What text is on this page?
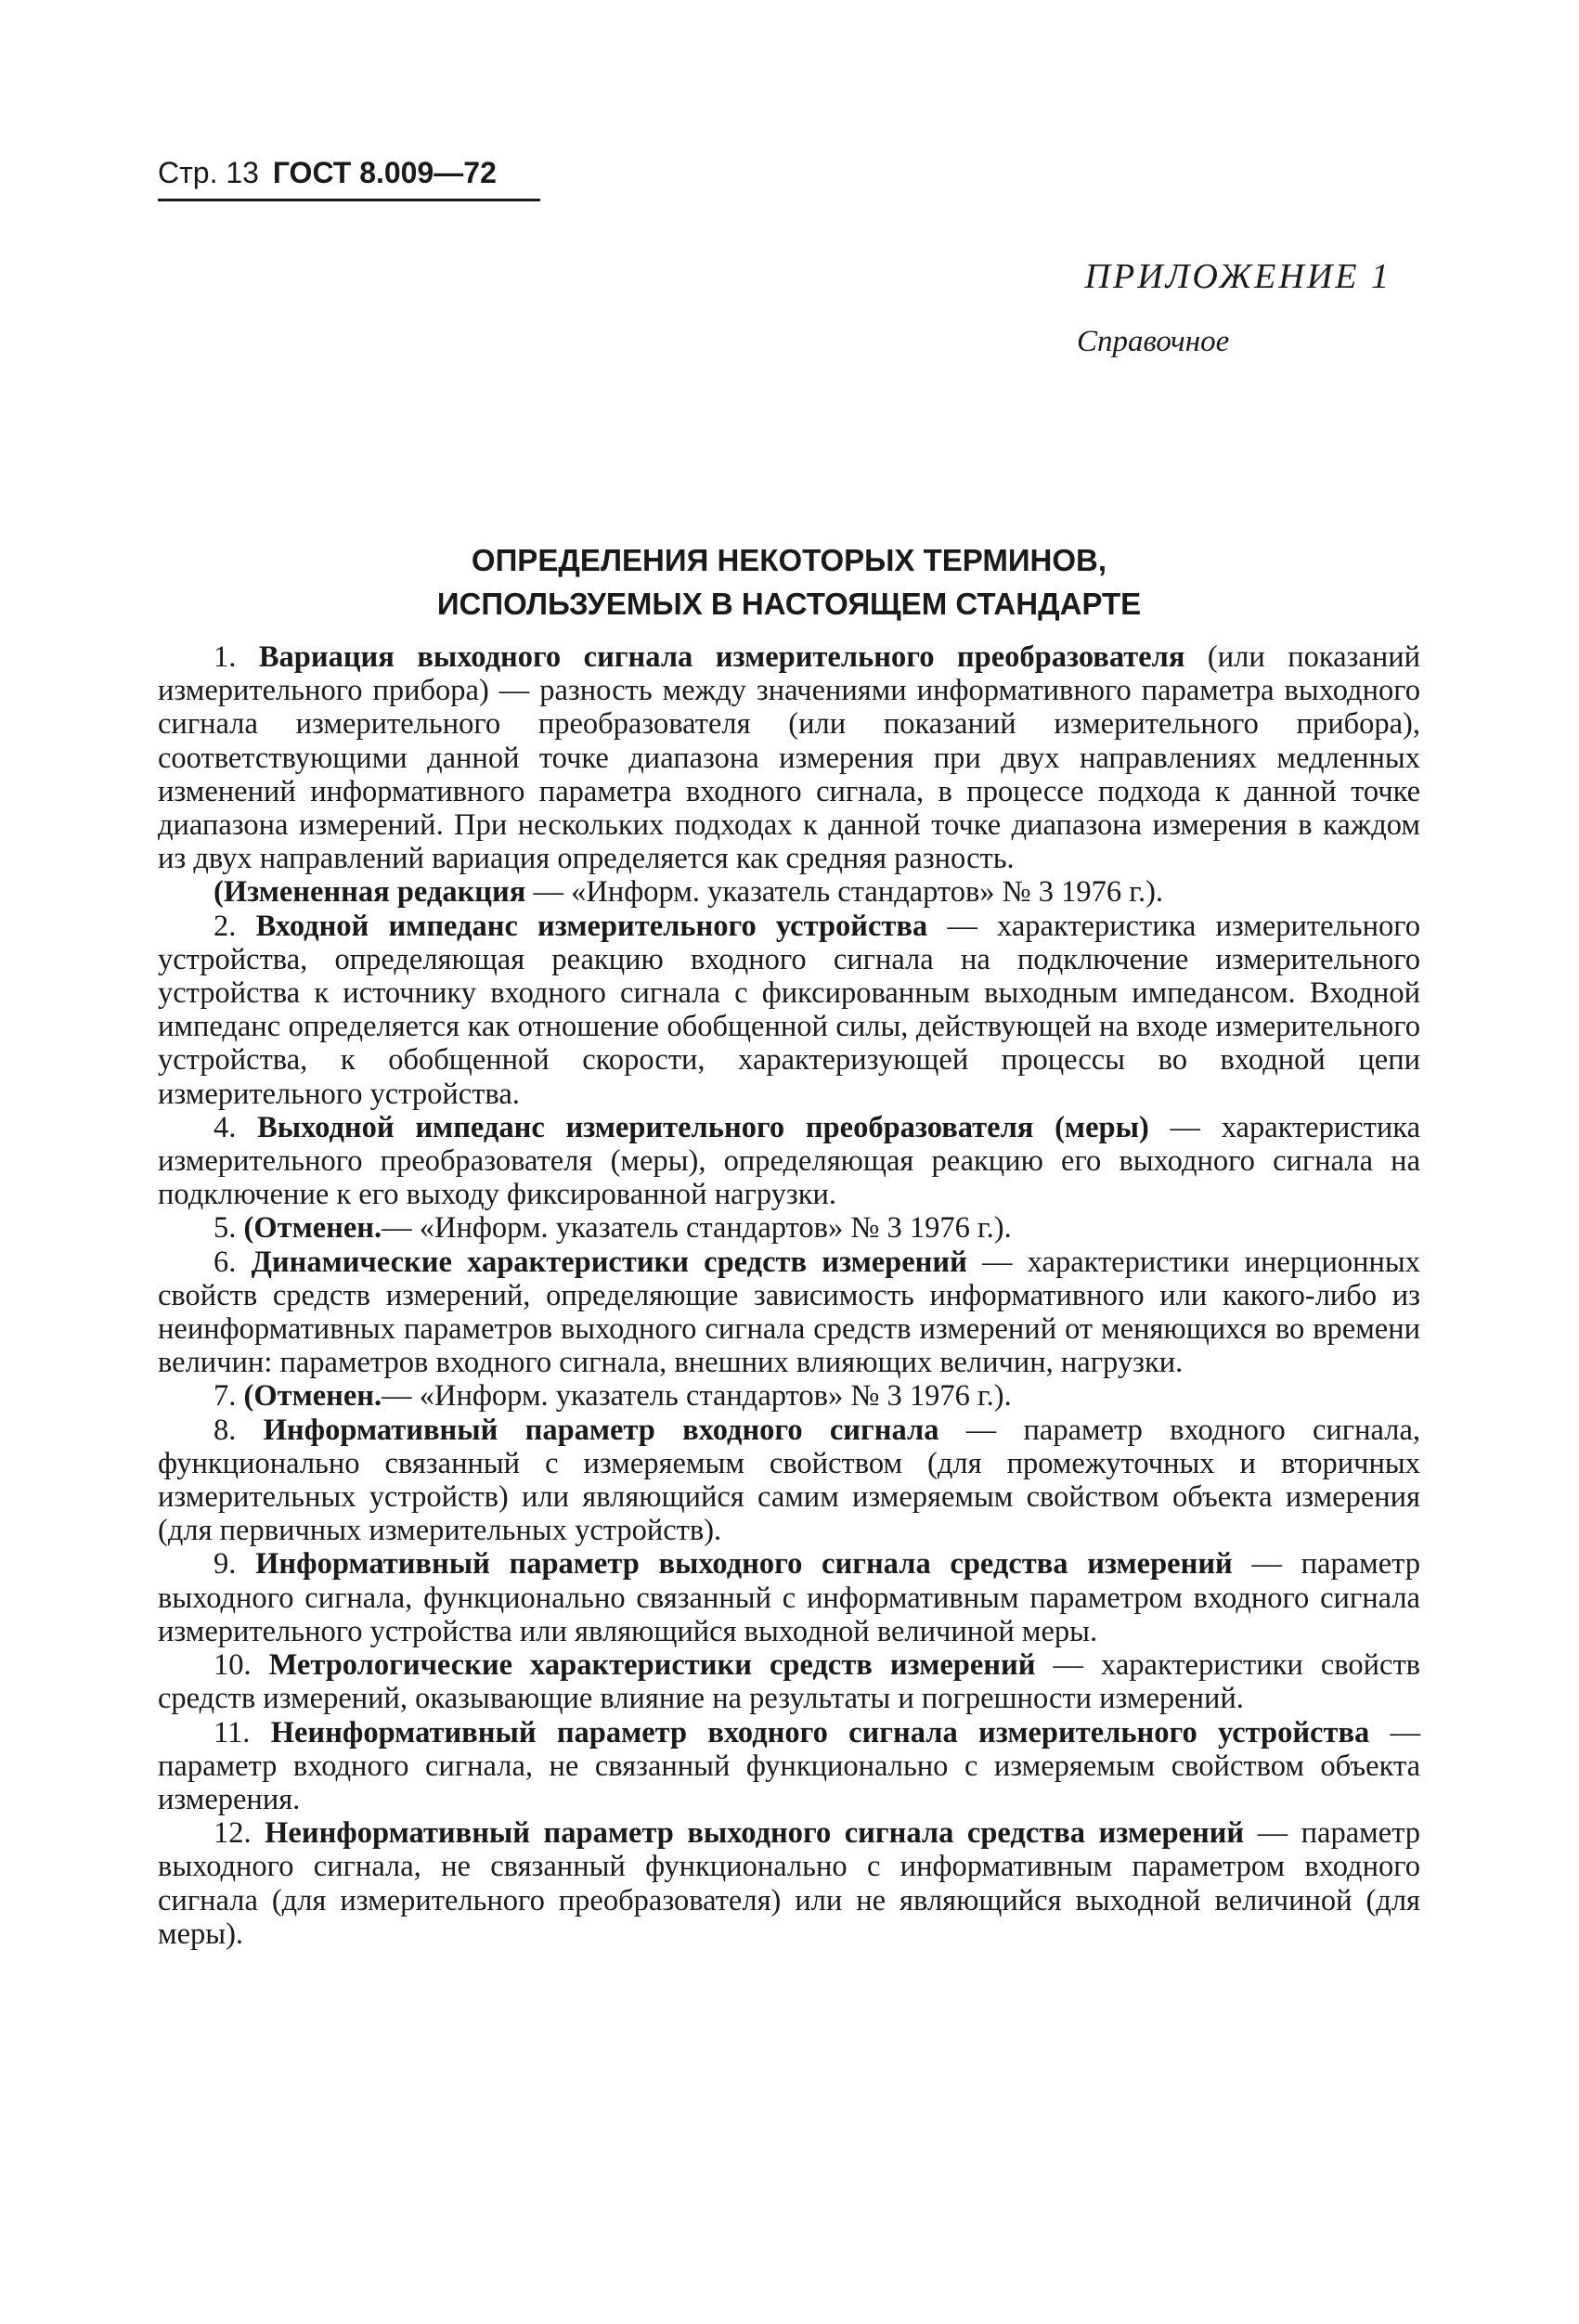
Стр. 13 ГОСТ 8.009—72
ПРИЛОЖЕНИЕ 1
Справочное
ОПРЕДЕЛЕНИЯ НЕКОТОРЫХ ТЕРМИНОВ,
ИСПОЛЬЗУЕМЫХ В НАСТОЯЩЕМ СТАНДАРТЕ

1. Вариация выходного сигнала измерительного преобразователя (или показаний измерительного прибора) — разность между значениями информативного параметра выходного сигнала измерительного преобразователя (или показаний измерительного прибора), соответствующими данной точке диапазона измерения при двух направлениях медленных изменений информативного параметра входного сигнала, в процессе подхода к данной точке диапазона измерений. При нескольких подходах к данной точке диапазона измерения в каждом из двух направлений вариация определяется как средняя разность.

(Измененная редакция — «Информ. указатель стандартов» № 3 1976 г.).

2. Входной импеданс измерительного устройства — характеристика измерительного устройства, определяющая реакцию входного сигнала на подключение измерительного устройства к источнику входного сигнала с фиксированным выходным импедансом. Входной импеданс определяется как отношение обобщенной силы, действующей на входе измерительного устройства, к обобщенной скорости, характеризующей процессы во входной цепи измерительного устройства.

4. Выходной импеданс измерительного преобразователя (меры) — характеристика измерительного преобразователя (меры), определяющая реакцию его выходного сигнала на подключение к его выходу фиксированной нагрузки.

5. (Отменен.— «Информ. указатель стандартов» № 3 1976 г.).

6. Динамические характеристики средств измерений — характеристики инерционных свойств средств измерений, определяющие зависимость информативного или какого-либо из неинформативных параметров выходного сигнала средств измерений от меняющихся во времени величин: параметров входного сигнала, внешних влияющих величин, нагрузки.

7. (Отменен.— «Информ. указатель стандартов» № 3 1976 г.).

8. Информативный параметр входного сигнала — параметр входного сигнала, функционально связанный с измеряемым свойством (для промежуточных и вторичных измерительных устройств) или являющийся самим измеряемым свойством объекта измерения (для первичных измерительных устройств).

9. Информативный параметр выходного сигнала средства измерений — параметр выходного сигнала, функционально связанный с информативным параметром входного сигнала измерительного устройства или являющийся выходной величиной меры.

10. Метрологические характеристики средств измерений — характеристики свойств средств измерений, оказывающие влияние на результаты и погрешности измерений.

11. Неинформативный параметр входного сигнала измерительного устройства — параметр входного сигнала, не связанный функционально с измеряемым свойством объекта измерения.

12. Неинформативный параметр выходного сигнала средства измерений — параметр выходного сигнала, не связанный функционально с информативным параметром входного сигнала (для измерительного преобразователя) или не являющийся выходной величиной (для меры).
